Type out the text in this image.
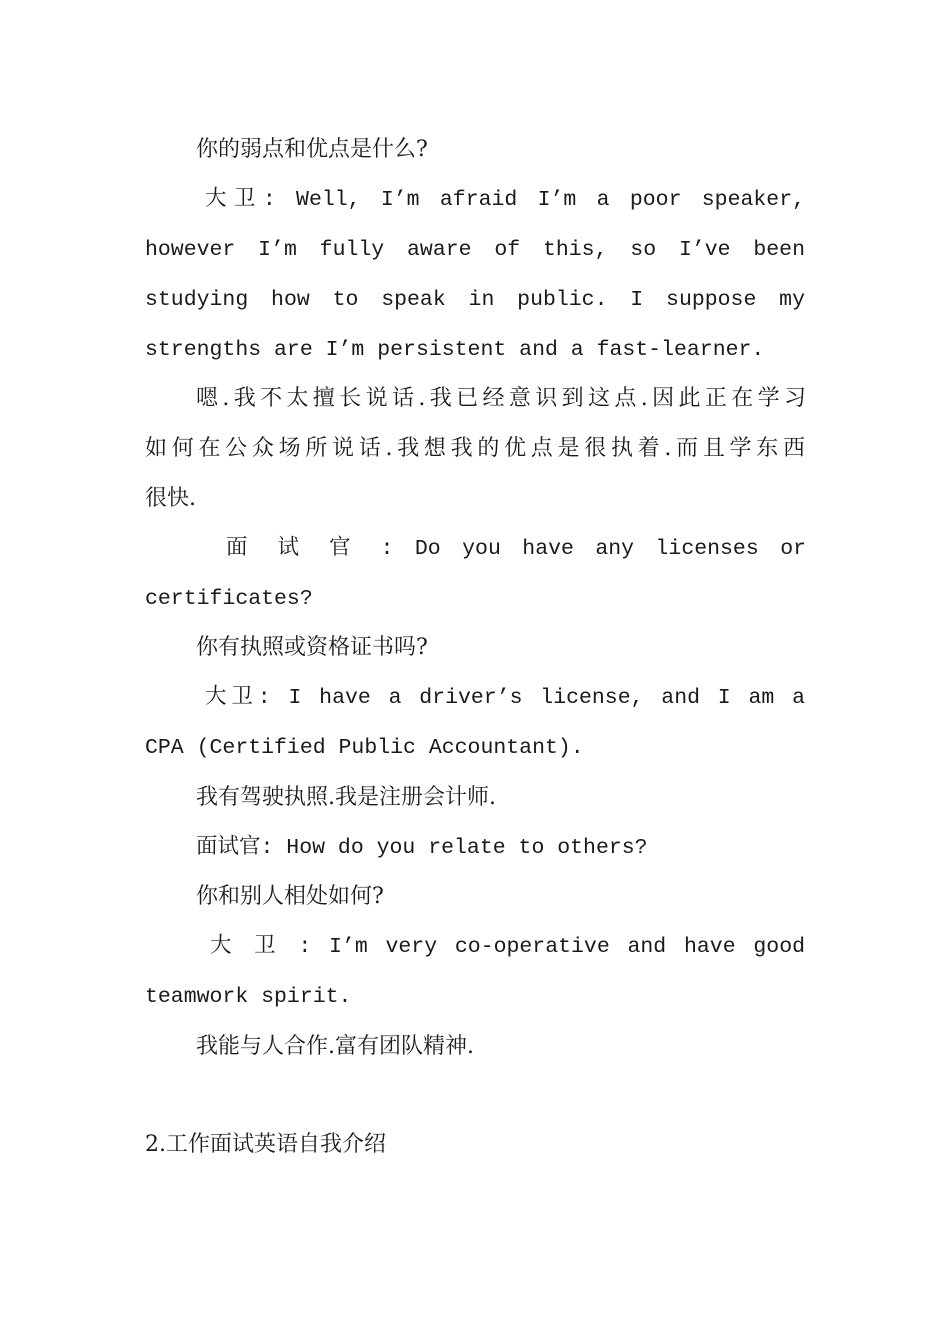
你的弱点和优点是什么?
大卫: Well, I’m afraid I’m a poor speaker,
however I’m fully aware of this, so I’ve been
studying how to speak in public. I suppose my
strengths are I’m persistent and a fast-learner.
嗯.我不太擅长说话.我已经意识到这点.因此正在学习
如何在公众场所说话.我想我的优点是很执着.而且学东西
很快.
面 试 官 : Do you have any licenses or
certificates?
你有执照或资格证书吗?
大卫: I have a driver’s license, and I am a
CPA (Certified Public Accountant).
我有驾驶执照.我是注册会计师.
面试官: How do you relate to others?
你和别人相处如何?
大 卫 : I’m very co-operative and have good
teamwork spirit.
我能与人合作.富有团队精神.
2.工作面试英语自我介绍
